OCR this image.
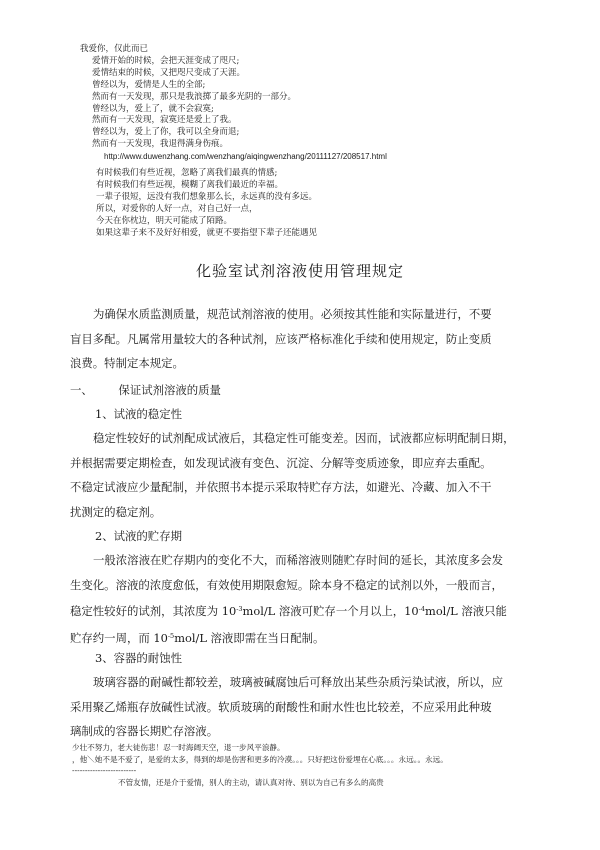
我爱你，仅此而已
爱情开始的时候，会把天涯变成了咫尺;
爱情结束的时候，又把咫尺变成了天涯。
曾经以为，爱情是人生的全部;
然而有一天发现，那只是我浪掷了最多光阴的一部分。
曾经以为，爱上了，就不会寂寞;
然而有一天发现，寂寞还是爱上了我。
曾经以为，爱上了你，我可以全身而退;
然而有一天发现，我退得满身伤痕。
http://www.duwenzhang.com/wenzhang/aiqingwenzhang/20111127/208517.html
有时候我们有些近视，忽略了离我们最真的情感;
有时候我们有些远视，模糊了离我们最近的幸福。
一辈子很短，远没有我们想象那么长，永远真的没有多远。
所以，对爱你的人好一点，对自己好一点，
今天在你枕边，明天可能成了陌路。
如果这辈子来不及好好相爱，就更不要指望下辈子还能遇见
化验室试剂溶液使用管理规定
为确保水质监测质量，规范试剂溶液的使用。必须按其性能和实际量进行，不要
盲目多配。凡属常用量较大的各种试剂，应该严格标准化手续和使用规定，防止变质
浪费。特制定本规定。
一、 保证试剂溶液的质量
1、试液的稳定性
稳定性较好的试剂配成试液后，其稳定性可能变差。因而，试液都应标明配制日期，
并根据需要定期检查，如发现试液有变色、沉淀、分解等变质迹象，即应弃去重配。
不稳定试液应少量配制，并依照书本提示采取特贮存方法，如避光、冷藏、加入不干
扰测定的稳定剂。
2、试液的贮存期
一般浓溶液在贮存期内的变化不大，而稀溶液则随贮存时间的延长，其浓度多会发
生变化。溶液的浓度愈低，有效使用期限愈短。除本身不稳定的试剂以外，一般而言，
稳定性较好的试剂，其浓度为 $10^{-3}mol/L$ 溶液可贮存一个月以上，$10^{-4}mol/L$ 溶液只能
贮存约一周，而 $10^{-5}mol/L$ 溶液即需在当日配制。
3、容器的耐蚀性
玻璃容器的耐碱性都较差，玻璃被碱腐蚀后可释放出某些杂质污染试液，所以，应
采用聚乙烯瓶存放碱性试液。软质玻璃的耐酸性和耐水性也比较差，不应采用此种玻
璃制成的容器长期贮存溶液。
少壮不努力，老大徒伤悲！忍一时海阔天空，退一步风平浪静。
，他＼她不是不爱了，是爱的太多，得到的却是伤害和更多的冷漠。。。只好把这份爱埋在心底。。。永远。。永远。
-------------------------
不管友情，还是介于爱情，别人的主动，请认真对待、别以为自己有多么的高贵
